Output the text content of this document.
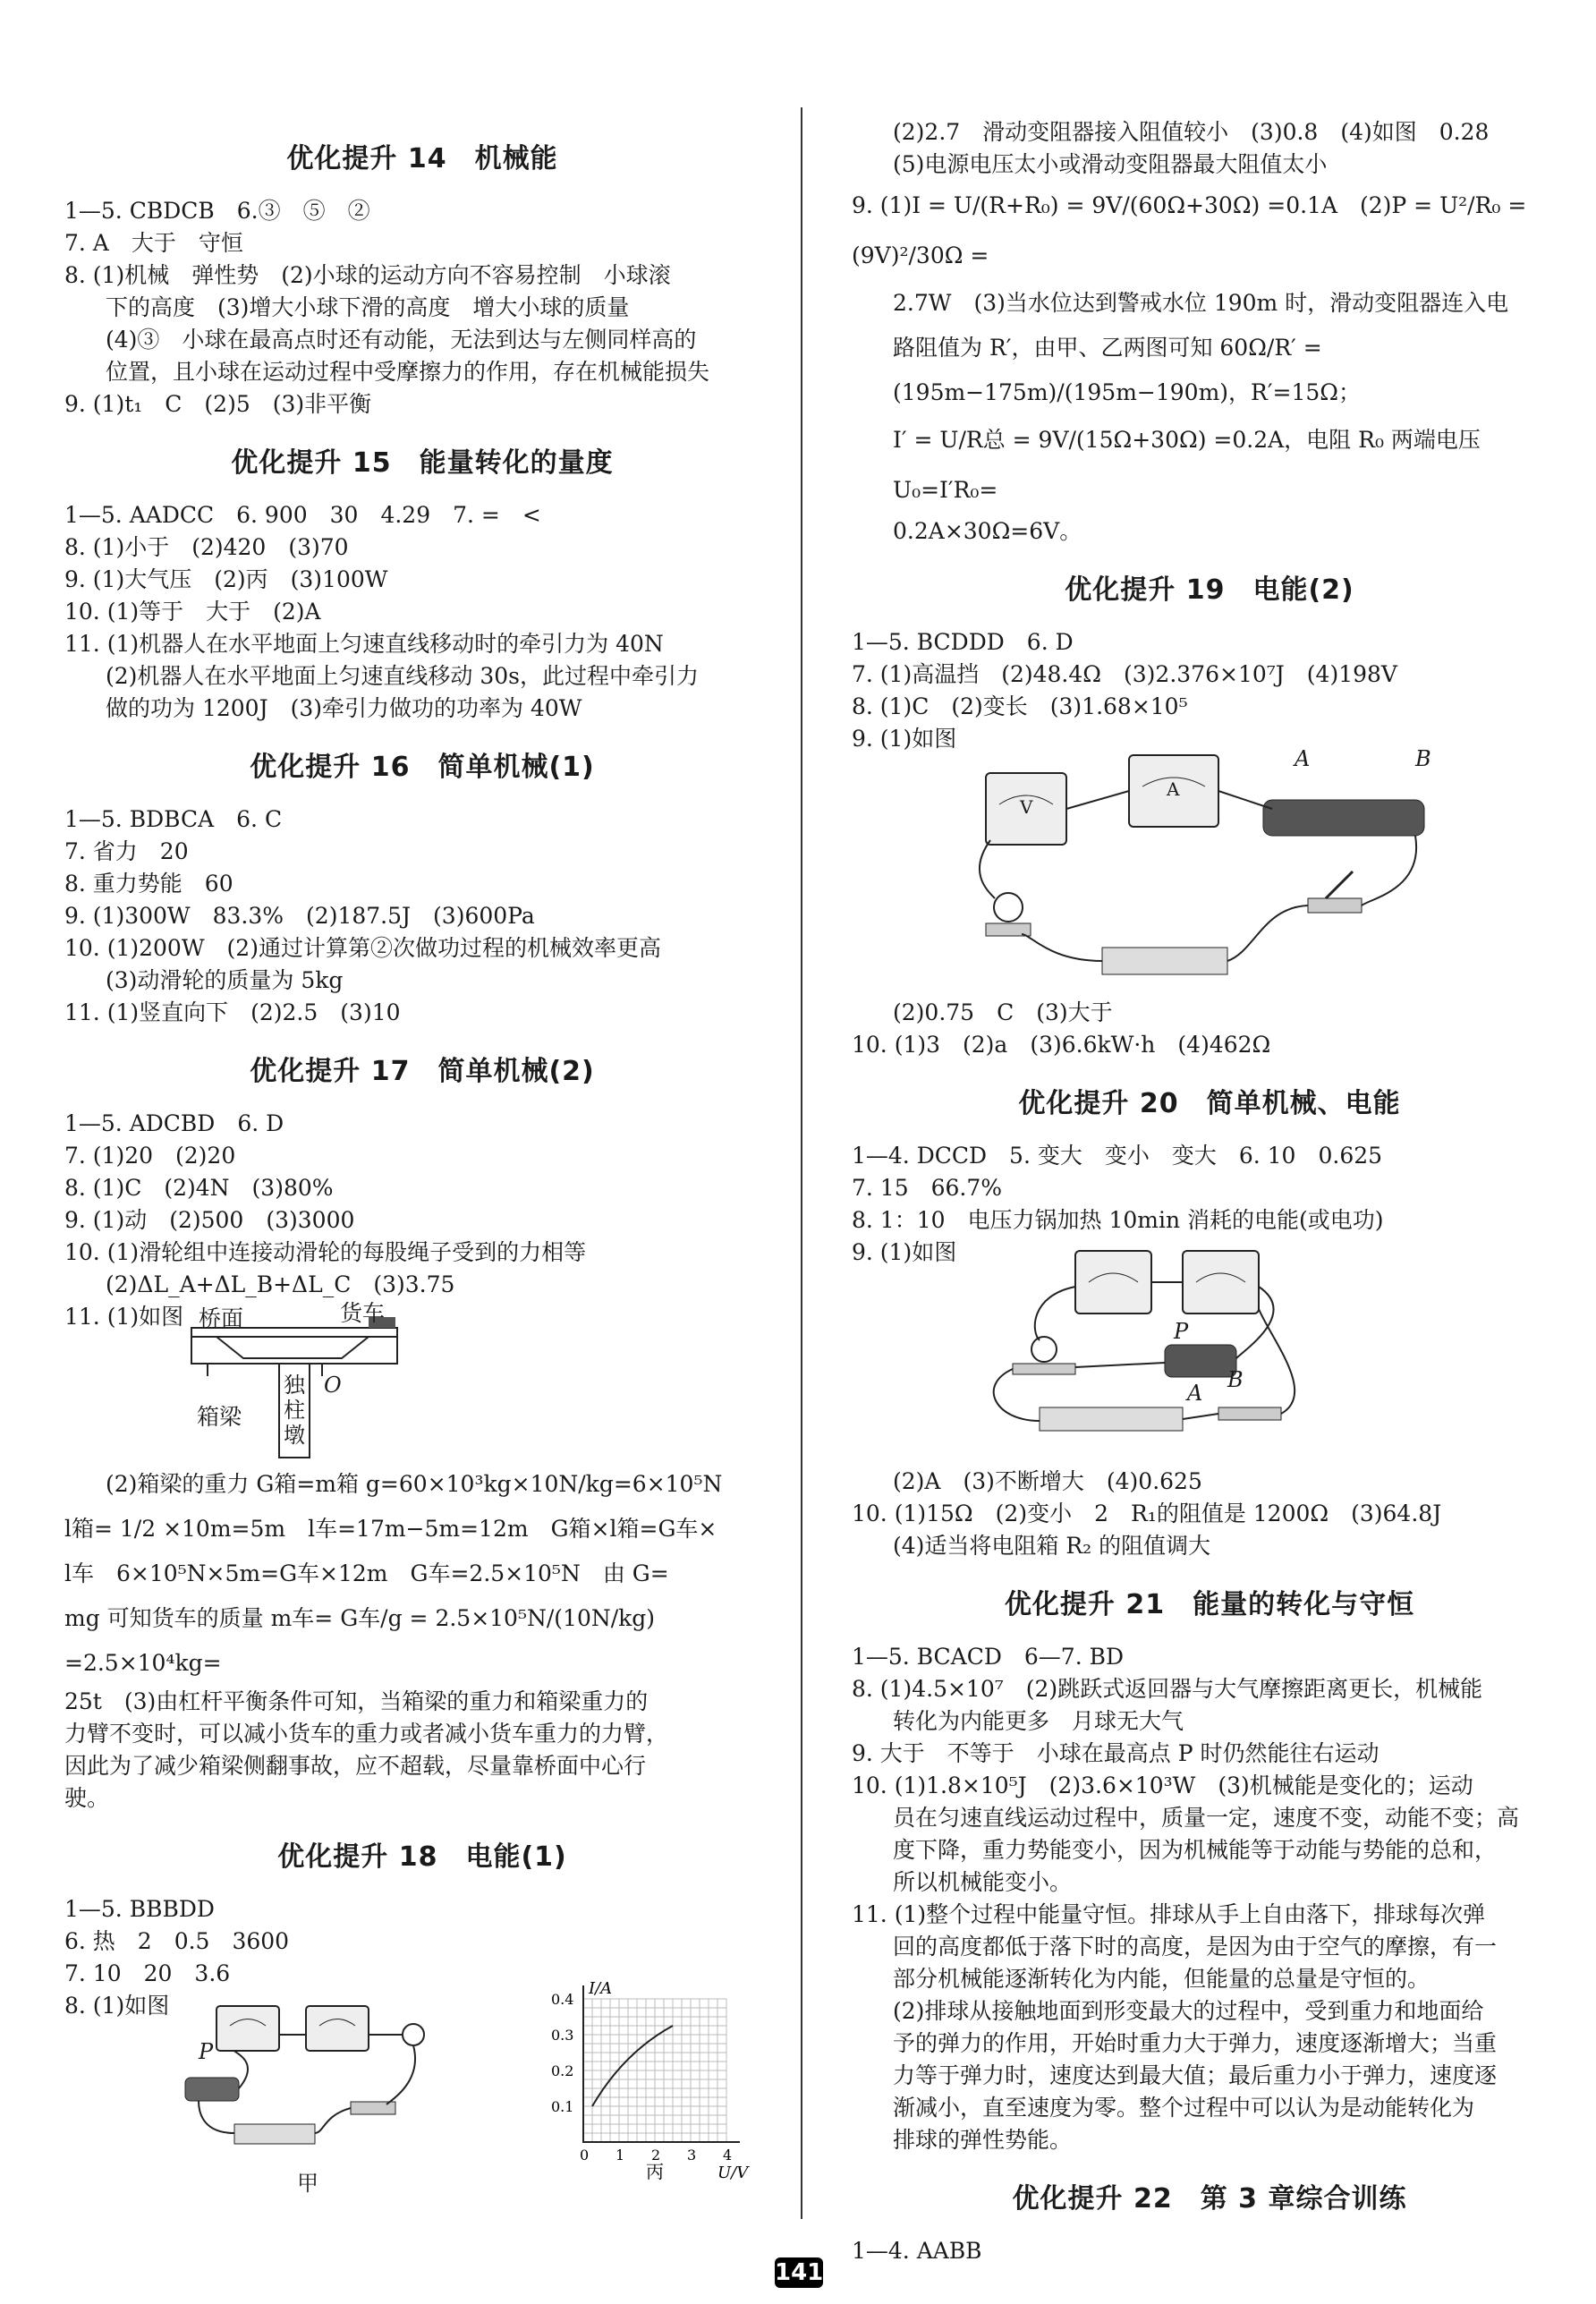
优化提升 14　机械能

1—5. CBDCB　6.③　⑤　②

7. A　大于　守恒

8. (1)机械　弹性势　(2)小球的运动方向不容易控制　小球滚

下的高度　(3)增大小球下滑的高度　增大小球的质量

(4)③　小球在最高点时还有动能，无法到达与左侧同样高的

位置，且小球在运动过程中受摩擦力的作用，存在机械能损失

9. (1)t₁　C　(2)5　(3)非平衡

优化提升 15　能量转化的量度

1—5. AADCC　6. 900　30　4.29　7. =　<

8. (1)小于　(2)420　(3)70

9. (1)大气压　(2)丙　(3)100W

10. (1)等于　大于　(2)A

11. (1)机器人在水平地面上匀速直线移动时的牵引力为 40N

(2)机器人在水平地面上匀速直线移动 30s，此过程中牵引力

做的功为 1200J　(3)牵引力做功的功率为 40W

优化提升 16　简单机械(1)

1—5. BDBCA　6. C

7. 省力　20

8. 重力势能　60

9. (1)300W　83.3%　(2)187.5J　(3)600Pa

10. (1)200W　(2)通过计算第②次做功过程的机械效率更高

(3)动滑轮的质量为 5kg

11. (1)竖直向下　(2)2.5　(3)10

优化提升 17　简单机械(2)

1—5. ADCBD　6. D

7. (1)20　(2)20

8. (1)C　(2)4N　(3)80%

9. (1)动　(2)500　(3)3000

10. (1)滑轮组中连接动滑轮的每股绳子受到的力相等

(2)ΔL_A+ΔL_B+ΔL_C　(3)3.75

11. (1)如图 桥面	货车
箱梁
独柱墩
O

(2)箱梁的重力 G箱=m箱 g=60×10³kg×10N/kg=6×10⁵N

l箱= 1/2 ×10m=5m　l车=17m−5m=12m　G箱×l箱=G车×

l车　6×10⁵N×5m=G车×12m　G车=2.5×10⁵N　由 G=

mg 可知货车的质量 m车= G车/g = 2.5×10⁵N/(10N/kg) =2.5×10⁴kg=

25t　(3)由杠杆平衡条件可知，当箱梁的重力和箱梁重力的

力臂不变时，可以减小货车的重力或者减小货车重力的力臂，

因此为了减少箱梁侧翻事故，应不超载，尽量靠桥面中心行

驶。

优化提升 18　电能(1)

1—5. BBBDD

6. 热　2　0.5　3600

7. 10　20　3.6

8. (1)如图

P
甲
0.4
0.3
0.2
0.1
0 1 2 3 4
I/A
U/V
丙

(2)2.7　滑动变阻器接入阻值较小　(3)0.8　(4)如图　0.28

(5)电源电压太小或滑动变阻器最大阻值太小

9. (1)I = U/(R+R₀) = 9V/(60Ω+30Ω) =0.1A　(2)P = U²/R₀ = (9V)²/30Ω =

2.7W　(3)当水位达到警戒水位 190m 时，滑动变阻器连入电

路阻值为 R′，由甲、乙两图可知 60Ω/R′ = (195m−175m)/(195m−190m)，R′=15Ω；

I′ = U/R总 = 9V/(15Ω+30Ω) =0.2A，电阻 R₀ 两端电压 U₀=I′R₀=

0.2A×30Ω=6V。

优化提升 19　电能(2)

1—5. BCDDD　6. D

7. (1)高温挡　(2)48.4Ω　(3)2.376×10⁷J　(4)198V

8. (1)C　(2)变长　(3)1.68×10⁵

9. (1)如图

A	B
V
A

(2)0.75　C　(3)大于

10. (1)3　(2)a　(3)6.6kW·h　(4)462Ω

优化提升 20　简单机械、电能

1—4. DCCD　5. 变大　变小　变大　6. 10　0.625

7. 15　66.7%

8. 1：10　电压力锅加热 10min 消耗的电能(或电功)

9. (1)如图

P
A
B

(2)A　(3)不断增大　(4)0.625

10. (1)15Ω　(2)变小　2　R₁的阻值是 1200Ω　(3)64.8J

(4)适当将电阻箱 R₂ 的阻值调大

优化提升 21　能量的转化与守恒

1—5. BCACD　6—7. BD

8. (1)4.5×10⁷　(2)跳跃式返回器与大气摩擦距离更长，机械能

转化为内能更多　月球无大气

9. 大于　不等于　小球在最高点 P 时仍然能往右运动

10. (1)1.8×10⁵J　(2)3.6×10³W　(3)机械能是变化的；运动

员在匀速直线运动过程中，质量一定，速度不变，动能不变；高

度下降，重力势能变小，因为机械能等于动能与势能的总和，

所以机械能变小。

11. (1)整个过程中能量守恒。排球从手上自由落下，排球每次弹

回的高度都低于落下时的高度，是因为由于空气的摩擦，有一

部分机械能逐渐转化为内能，但能量的总量是守恒的。

(2)排球从接触地面到形变最大的过程中，受到重力和地面给

予的弹力的作用，开始时重力大于弹力，速度逐渐增大；当重

力等于弹力时，速度达到最大值；最后重力小于弹力，速度逐

渐减小，直至速度为零。整个过程中可以认为是动能转化为

排球的弹性势能。

优化提升 22　第 3 章综合训练

1—4. AABB

141
